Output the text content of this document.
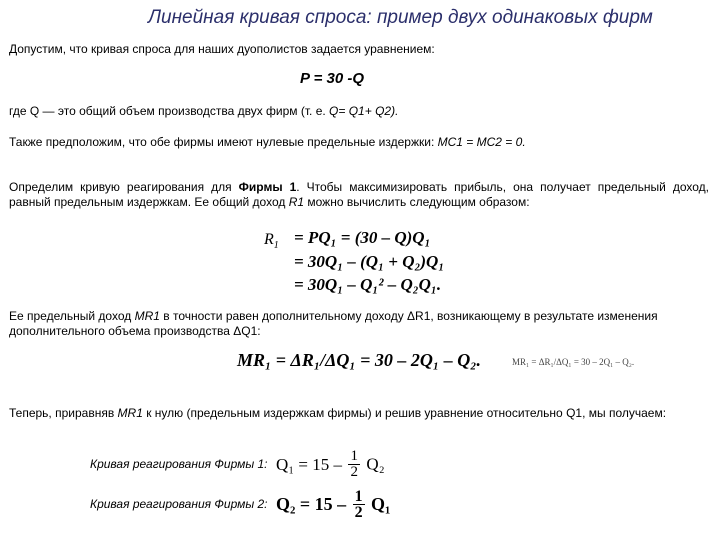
Линейная кривая спроса: пример двух одинаковых фирм
Допустим, что кривая спроса для наших дуополистов задается уравнением:
P = 30 -Q
где Q — это общий объем производства двух фирм (т. е. Q= Q1+ Q2).
Также предположим, что обе фирмы имеют нулевые предельные издержки: MC1 = MC2 = 0.
Определим кривую реагирования для Фирмы 1. Чтобы максимизировать прибыль, она получает предельный доход, равный предельным издержкам. Ее общий доход R1 можно вычислить следующим образом:
$R_1 = PQ_1 = (30 - Q)Q_1$
= 30Q₁ – (Q₁ + Q₂)Q₁
= 30Q₁ – Q₁² – Q₂Q₁.
Ее предельный доход MR1 в точности равен дополнительному доходу ΔR1, возникающему в результате изменения дополнительного объема производства ΔQ1:
MR₁ = ΔR₁/ΔQ₁ = 30 – 2Q₁ – Q₂.	MR₁ = ΔR₁/ΔQ₁ = 30 – 2Q₁ – Q₂.
Теперь, приравняв MR1 к нулю (предельным издержкам фирмы) и решив уравнение относительно Q1, мы получаем:
Кривая реагирования Фирмы 1: $Q_1 = 15 - \frac{1}{2} Q_2$
Кривая реагирования Фирмы 2: $Q_2 = 15 - \frac{1}{2} Q_1$
